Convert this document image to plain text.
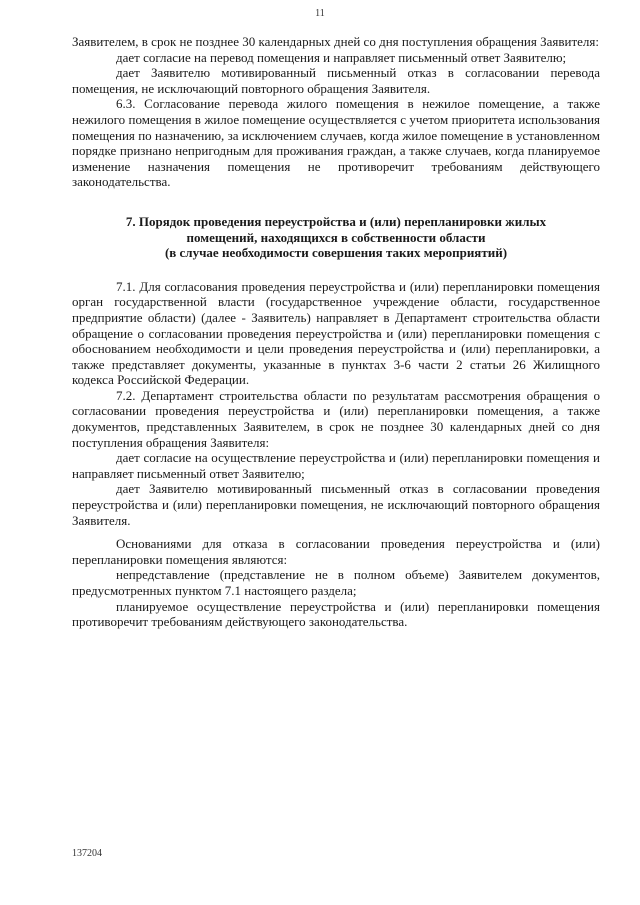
11

Заявителем, в срок не позднее 30 календарных дней со дня поступления обращения Заявителя:

дает согласие на перевод помещения и направляет письменный ответ Заявителю;

дает Заявителю мотивированный письменный отказ в согласовании перевода помещения, не исключающий повторного обращения Заявителя.

6.3. Согласование перевода жилого помещения в нежилое помещение, а также нежилого помещения в жилое помещение осуществляется с учетом приоритета использования помещения по назначению, за исключением случаев, когда жилое помещение в установленном порядке признано непригодным для проживания граждан, а также случаев, когда планируемое изменение назначения помещения не противоречит требованиям действующего законодательства.

7. Порядок проведения переустройства и (или) перепланировки жилых
помещений, находящихся в собственности области
(в случае необходимости совершения таких мероприятий)

7.1. Для согласования проведения переустройства и (или) перепланировки помещения орган государственной власти (государственное учреждение области, государственное предприятие области) (далее - Заявитель) направляет в Департамент строительства области обращение о согласовании проведения переустройства и (или) перепланировки помещения с обоснованием необходимости и цели проведения переустройства и (или) перепланировки, а также представляет документы, указанные в пунктах 3-6 части 2 статьи 26 Жилищного кодекса Российской Федерации.

7.2. Департамент строительства области по результатам рассмотрения обращения о согласовании проведения переустройства и (или) перепланировки помещения, а также документов, представленных Заявителем, в срок не позднее 30 календарных дней со дня поступления обращения Заявителя:

дает согласие на осуществление переустройства и (или) перепланировки помещения и направляет письменный ответ Заявителю;

дает Заявителю мотивированный письменный отказ в согласовании проведения переустройства и (или) перепланировки помещения, не исключающий повторного обращения Заявителя.

Основаниями для отказа в согласовании проведения переустройства и (или) перепланировки помещения являются:

непредставление (представление не в полном объеме) Заявителем документов, предусмотренных пунктом 7.1 настоящего раздела;

планируемое осуществление переустройства и (или) перепланировки помещения противоречит требованиям действующего законодательства.

137204
